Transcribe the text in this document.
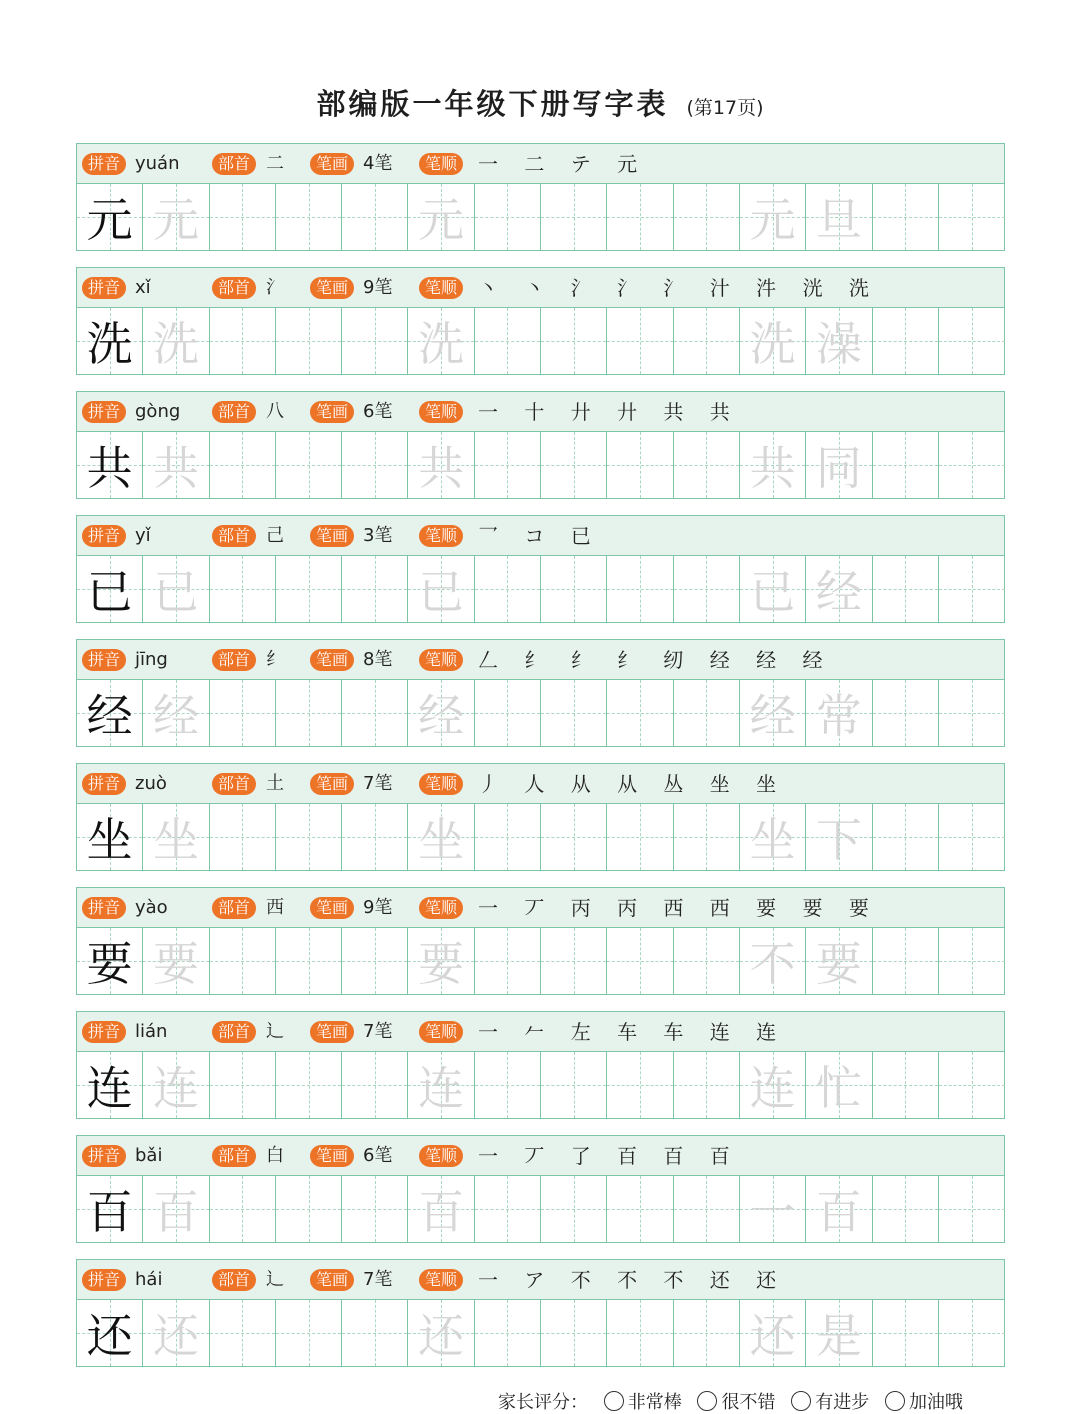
部编版一年级下册写字表 (第17页)
拼音 yuán	部首 二	笔画 4笔	笔顺	一 二 テ 元
元 元	元	元 旦
拼音 xǐ	部首 氵	笔画 9笔	笔顺	丶 丶 氵 氵 氵 汁 汼 洸 洗
洗 洗	洗	洗 澡
拼音 gòng	部首 八	笔画 6笔	笔顺	一 十 廾 廾 共 共
共 共	共	共 同
拼音 yǐ	部首 己	笔画 3笔	笔顺	乛 コ 已
已 已	已	已 经
拼音 jīng	部首 纟	笔画 8笔	笔顺	𠃋 纟 纟 纟 纫 经 经 经
经 经	经	经 常
拼音 zuò	部首 土	笔画 7笔	笔顺	丿 人 从 从 丛 坐 坐
坐 坐	坐	坐 下
拼音 yào	部首 西	笔画 9笔	笔顺	一 丆 丙 丙 西 西 要 要 要
要 要	要	不 要
拼音 lián	部首 辶	笔画 7笔	笔顺	一 𠂉 左 车 车 连 连
连 连	连	连 忙
拼音 bǎi	部首 白	笔画 6笔	笔顺	一 丆 了 百 百 百
百 百	百	一 百
拼音 hái	部首 辶	笔画 7笔	笔顺	一 ア 不 不 不 还 还
还 还	还	还 是
家长评分： 非常棒 很不错 有进步 加油哦
